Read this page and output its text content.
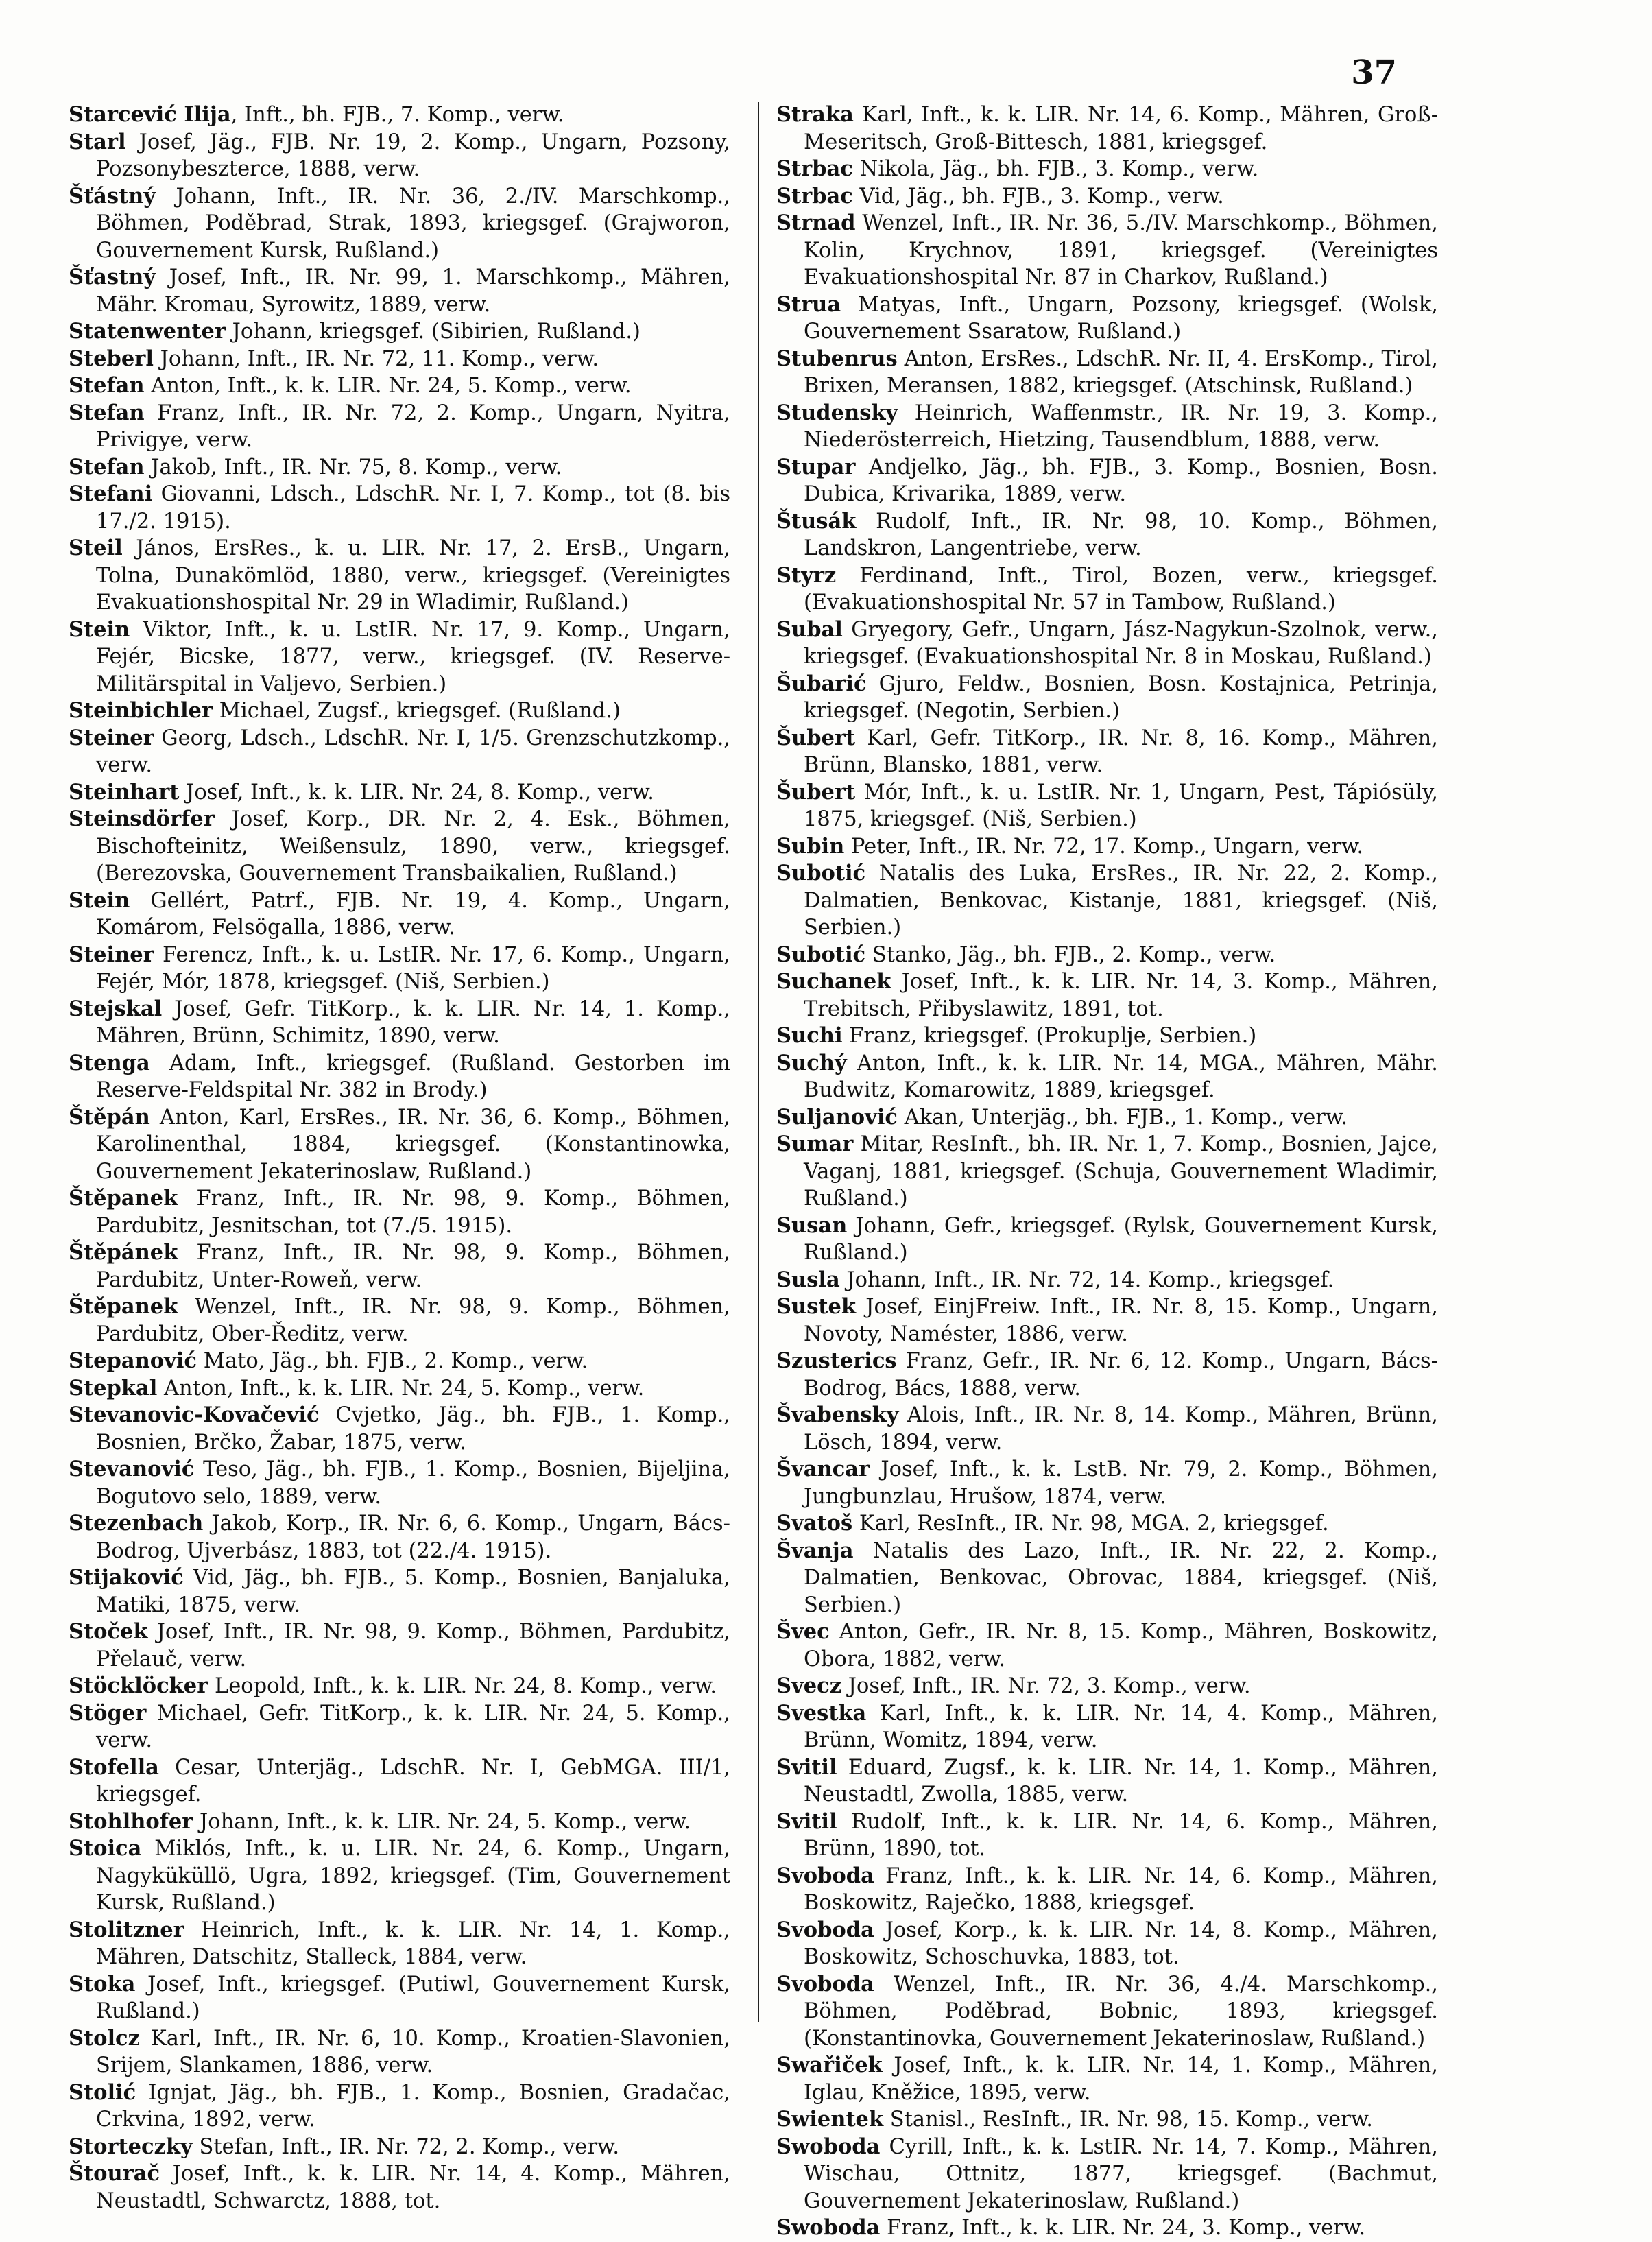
37

Starcević Ilija, Inft., bh. FJB., 7. Komp., verw.

Starl Josef, Jäg., FJB. Nr. 19, 2. Komp., Ungarn, Pozsony, Pozsonybeszterce, 1888, verw.

Šťástný Johann, Inft., IR. Nr. 36, 2./IV. Marschkomp., Böhmen, Poděbrad, Strak, 1893, kriegsgef. (Grajworon, Gouvernement Kursk, Rußland.)

Šťastný Josef, Inft., IR. Nr. 99, 1. Marschkomp., Mähren, Mähr. Kromau, Syrowitz, 1889, verw.

Statenwenter Johann, kriegsgef. (Sibirien, Rußland.)

Steberl Johann, Inft., IR. Nr. 72, 11. Komp., verw.

Stefan Anton, Inft., k. k. LIR. Nr. 24, 5. Komp., verw.

Stefan Franz, Inft., IR. Nr. 72, 2. Komp., Ungarn, Nyitra, Privigye, verw.

Stefan Jakob, Inft., IR. Nr. 75, 8. Komp., verw.

Stefani Giovanni, Ldsch., LdschR. Nr. I, 7. Komp., tot (8. bis 17./2. 1915).

Steil János, ErsRes., k. u. LIR. Nr. 17, 2. ErsB., Ungarn, Tolna, Dunakömlöd, 1880, verw., kriegsgef. (Vereinigtes Evakuationshospital Nr. 29 in Wladimir, Rußland.)

Stein Viktor, Inft., k. u. LstIR. Nr. 17, 9. Komp., Ungarn, Fejér, Bicske, 1877, verw., kriegsgef. (IV. Reserve-Militärspital in Valjevo, Serbien.)

Steinbichler Michael, Zugsf., kriegsgef. (Rußland.)

Steiner Georg, Ldsch., LdschR. Nr. I, 1/5. Grenzschutzkomp., verw.

Steinhart Josef, Inft., k. k. LIR. Nr. 24, 8. Komp., verw.

Steinsdörfer Josef, Korp., DR. Nr. 2, 4. Esk., Böhmen, Bischofteinitz, Weißensulz, 1890, verw., kriegsgef. (Berezovska, Gouvernement Transbaikalien, Rußland.)

Stein Gellért, Patrf., FJB. Nr. 19, 4. Komp., Ungarn, Komárom, Felsögalla, 1886, verw.

Steiner Ferencz, Inft., k. u. LstIR. Nr. 17, 6. Komp., Ungarn, Fejér, Mór, 1878, kriegsgef. (Niš, Serbien.)

Stejskal Josef, Gefr. TitKorp., k. k. LIR. Nr. 14, 1. Komp., Mähren, Brünn, Schimitz, 1890, verw.

Stenga Adam, Inft., kriegsgef. (Rußland. Gestorben im Reserve-Feldspital Nr. 382 in Brody.)

Štěpán Anton, Karl, ErsRes., IR. Nr. 36, 6. Komp., Böhmen, Karolinenthal, 1884, kriegsgef. (Konstantinowka, Gouvernement Jekaterinoslaw, Rußland.)

Štěpanek Franz, Inft., IR. Nr. 98, 9. Komp., Böhmen, Pardubitz, Jesnitschan, tot (7./5. 1915).

Štěpánek Franz, Inft., IR. Nr. 98, 9. Komp., Böhmen, Pardubitz, Unter-Roweň, verw.

Štěpanek Wenzel, Inft., IR. Nr. 98, 9. Komp., Böhmen, Pardubitz, Ober-Ředitz, verw.

Stepanović Mato, Jäg., bh. FJB., 2. Komp., verw.

Stepkal Anton, Inft., k. k. LIR. Nr. 24, 5. Komp., verw.

Stevanovic-Kovačević Cvjetko, Jäg., bh. FJB., 1. Komp., Bosnien, Brčko, Žabar, 1875, verw.

Stevanović Teso, Jäg., bh. FJB., 1. Komp., Bosnien, Bijeljina, Bogutovo selo, 1889, verw.

Stezenbach Jakob, Korp., IR. Nr. 6, 6. Komp., Ungarn, Bács-Bodrog, Ujverbász, 1883, tot (22./4. 1915).

Stijaković Vid, Jäg., bh. FJB., 5. Komp., Bosnien, Banjaluka, Matiki, 1875, verw.

Stoček Josef, Inft., IR. Nr. 98, 9. Komp., Böhmen, Pardubitz, Přelauč, verw.

Stöcklöcker Leopold, Inft., k. k. LIR. Nr. 24, 8. Komp., verw.

Stöger Michael, Gefr. TitKorp., k. k. LIR. Nr. 24, 5. Komp., verw.

Stofella Cesar, Unterjäg., LdschR. Nr. I, GebMGA. III/1, kriegsgef.

Stohlhofer Johann, Inft., k. k. LIR. Nr. 24, 5. Komp., verw.

Stoica Miklós, Inft., k. u. LIR. Nr. 24, 6. Komp., Ungarn, Nagyküküllö, Ugra, 1892, kriegsgef. (Tim, Gouvernement Kursk, Rußland.)

Stolitzner Heinrich, Inft., k. k. LIR. Nr. 14, 1. Komp., Mähren, Datschitz, Stalleck, 1884, verw.

Stoka Josef, Inft., kriegsgef. (Putiwl, Gouvernement Kursk, Rußland.)

Stolcz Karl, Inft., IR. Nr. 6, 10. Komp., Kroatien-Slavonien, Srijem, Slankamen, 1886, verw.

Stolić Ignjat, Jäg., bh. FJB., 1. Komp., Bosnien, Gradačac, Crkvina, 1892, verw.

Storteczky Stefan, Inft., IR. Nr. 72, 2. Komp., verw.

Štourač Josef, Inft., k. k. LIR. Nr. 14, 4. Komp., Mähren, Neustadtl, Schwarctz, 1888, tot.

Straka Karl, Inft., k. k. LIR. Nr. 14, 6. Komp., Mähren, Groß-Meseritsch, Groß-Bittesch, 1881, kriegsgef.

Strbac Nikola, Jäg., bh. FJB., 3. Komp., verw.

Strbac Vid, Jäg., bh. FJB., 3. Komp., verw.

Strnad Wenzel, Inft., IR. Nr. 36, 5./IV. Marschkomp., Böhmen, Kolin, Krychnov, 1891, kriegsgef. (Vereinigtes Evakuationshospital Nr. 87 in Charkov, Rußland.)

Strua Matyas, Inft., Ungarn, Pozsony, kriegsgef. (Wolsk, Gouvernement Ssaratow, Rußland.)

Stubenrus Anton, ErsRes., LdschR. Nr. II, 4. ErsKomp., Tirol, Brixen, Meransen, 1882, kriegsgef. (Atschinsk, Rußland.)

Studensky Heinrich, Waffenmstr., IR. Nr. 19, 3. Komp., Niederösterreich, Hietzing, Tausendblum, 1888, verw.

Stupar Andjelko, Jäg., bh. FJB., 3. Komp., Bosnien, Bosn. Dubica, Krivarika, 1889, verw.

Štusák Rudolf, Inft., IR. Nr. 98, 10. Komp., Böhmen, Landskron, Langentriebe, verw.

Styrz Ferdinand, Inft., Tirol, Bozen, verw., kriegsgef. (Evakuationshospital Nr. 57 in Tambow, Rußland.)

Subal Gryegory, Gefr., Ungarn, Jász-Nagykun-Szolnok, verw., kriegsgef. (Evakuationshospital Nr. 8 in Moskau, Rußland.)

Šubarić Gjuro, Feldw., Bosnien, Bosn. Kostajnica, Petrinja, kriegsgef. (Negotin, Serbien.)

Šubert Karl, Gefr. TitKorp., IR. Nr. 8, 16. Komp., Mähren, Brünn, Blansko, 1881, verw.

Šubert Mór, Inft., k. u. LstIR. Nr. 1, Ungarn, Pest, Tápiósüly, 1875, kriegsgef. (Niš, Serbien.)

Subin Peter, Inft., IR. Nr. 72, 17. Komp., Ungarn, verw.

Subotić Natalis des Luka, ErsRes., IR. Nr. 22, 2. Komp., Dalmatien, Benkovac, Kistanje, 1881, kriegsgef. (Niš, Serbien.)

Subotić Stanko, Jäg., bh. FJB., 2. Komp., verw.

Suchanek Josef, Inft., k. k. LIR. Nr. 14, 3. Komp., Mähren, Trebitsch, Přibyslawitz, 1891, tot.

Suchi Franz, kriegsgef. (Prokuplje, Serbien.)

Suchý Anton, Inft., k. k. LIR. Nr. 14, MGA., Mähren, Mähr. Budwitz, Komarowitz, 1889, kriegsgef.

Suljanović Akan, Unterjäg., bh. FJB., 1. Komp., verw.

Sumar Mitar, ResInft., bh. IR. Nr. 1, 7. Komp., Bosnien, Jajce, Vaganj, 1881, kriegsgef. (Schuja, Gouvernement Wladimir, Rußland.)

Susan Johann, Gefr., kriegsgef. (Rylsk, Gouvernement Kursk, Rußland.)

Susla Johann, Inft., IR. Nr. 72, 14. Komp., kriegsgef.

Sustek Josef, EinjFreiw. Inft., IR. Nr. 8, 15. Komp., Ungarn, Novoty, Naméster, 1886, verw.

Szusterics Franz, Gefr., IR. Nr. 6, 12. Komp., Ungarn, Bács-Bodrog, Bács, 1888, verw.

Švabensky Alois, Inft., IR. Nr. 8, 14. Komp., Mähren, Brünn, Lösch, 1894, verw.

Švancar Josef, Inft., k. k. LstB. Nr. 79, 2. Komp., Böhmen, Jungbunzlau, Hrušow, 1874, verw.

Svatoš Karl, ResInft., IR. Nr. 98, MGA. 2, kriegsgef.

Švanja Natalis des Lazo, Inft., IR. Nr. 22, 2. Komp., Dalmatien, Benkovac, Obrovac, 1884, kriegsgef. (Niš, Serbien.)

Švec Anton, Gefr., IR. Nr. 8, 15. Komp., Mähren, Boskowitz, Obora, 1882, verw.

Svecz Josef, Inft., IR. Nr. 72, 3. Komp., verw.

Svestka Karl, Inft., k. k. LIR. Nr. 14, 4. Komp., Mähren, Brünn, Womitz, 1894, verw.

Svitil Eduard, Zugsf., k. k. LIR. Nr. 14, 1. Komp., Mähren, Neustadtl, Zwolla, 1885, verw.

Svitil Rudolf, Inft., k. k. LIR. Nr. 14, 6. Komp., Mähren, Brünn, 1890, tot.

Svoboda Franz, Inft., k. k. LIR. Nr. 14, 6. Komp., Mähren, Boskowitz, Raječko, 1888, kriegsgef.

Svoboda Josef, Korp., k. k. LIR. Nr. 14, 8. Komp., Mähren, Boskowitz, Schoschuvka, 1883, tot.

Svoboda Wenzel, Inft., IR. Nr. 36, 4./4. Marschkomp., Böhmen, Poděbrad, Bobnic, 1893, kriegsgef. (Konstantinovka, Gouvernement Jekaterinoslaw, Rußland.)

Swařiček Josef, Inft., k. k. LIR. Nr. 14, 1. Komp., Mähren, Iglau, Kněžice, 1895, verw.

Swientek Stanisl., ResInft., IR. Nr. 98, 15. Komp., verw.

Swoboda Cyrill, Inft., k. k. LstIR. Nr. 14, 7. Komp., Mähren, Wischau, Ottnitz, 1877, kriegsgef. (Bachmut, Gouvernement Jekaterinoslaw, Rußland.)

Swoboda Franz, Inft., k. k. LIR. Nr. 24, 3. Komp., verw.
